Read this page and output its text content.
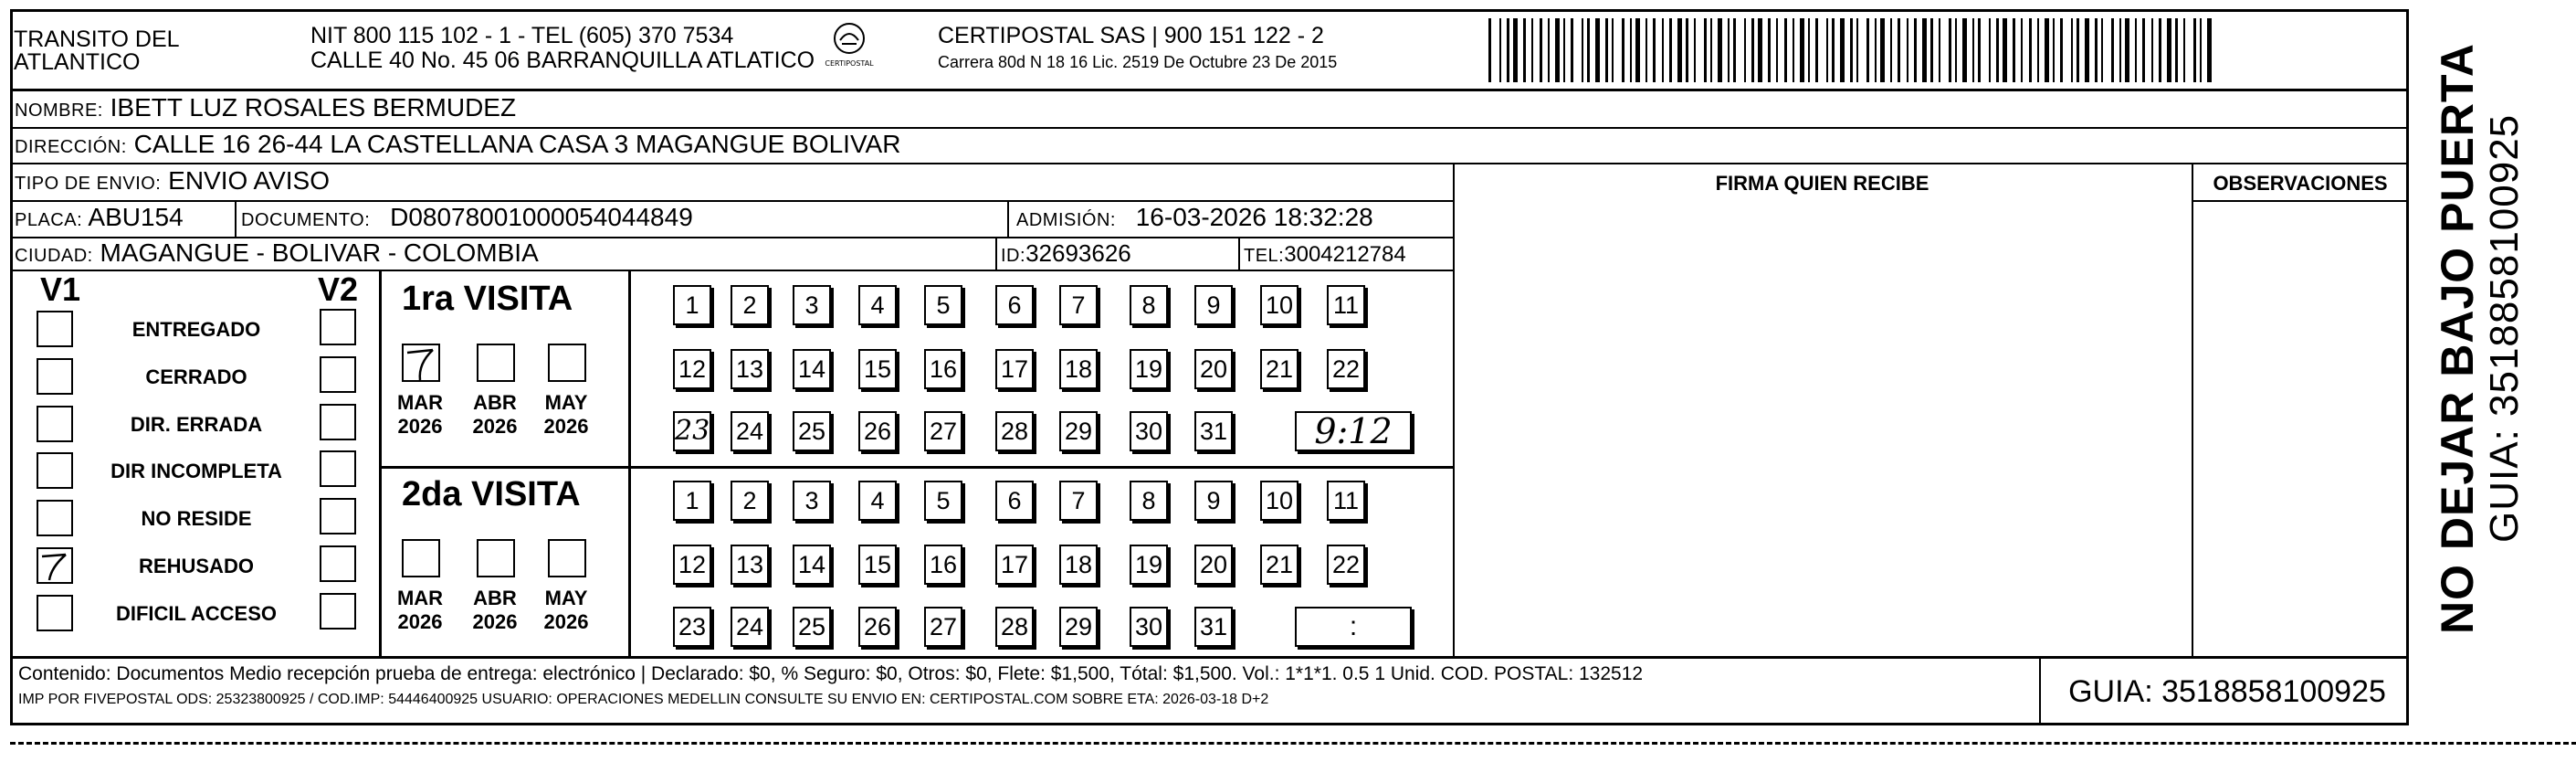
TRANSITO DEL
ATLANTICO
NIT 800 115 102 - 1 - TEL (605) 370 7534
CALLE 40 No. 45 06 BARRANQUILLA ATLATICO CERTIPOSTAL
CERTIPOSTAL SAS | 900 151 122 - 2
Carrera 80d N 18 16 Lic. 2519 De Octubre 23 De 2015
NOMBRE: IBETT LUZ ROSALES BERMUDEZ
DIRECCIÓN: CALLE 16 26-44 LA CASTELLANA CASA 3 MAGANGUE BOLIVAR
TIPO DE ENVIO: ENVIO AVISO
PLACA: ABU154	DOCUMENTO: D080780010000540448​49	ADMISIÓN: 16-03-2026 18:32:28
CIUDAD: MAGANGUE - BOLIVAR - COLOMBIA	ID:32693626	TEL:3004212784
FIRMA QUIEN RECIBE	OBSERVACIONES
V1	V2
ENTREGADO
CERRADO
DIR. ERRADA
DIR INCOMPLETA
NO RESIDE
REHUSADO
DIFICIL ACCESO
1ra VISITA
MAR
2026
ABR
2026
MAY
2026
1	2	3	4	5	6	7	8	9	10 11
12 13 14 15 16 17 18 19 20 21 22
23 24 25 26 27 28 29 30 31	9:12
2da VISITA
MAR
2026
ABR
2026
MAY
2026
1	2	3	4	5	6	7	8	9	10 11
12 13 14 15 16 17 18 19 20 21 22
23 24 25 26 27 28 29 30 31	:
Contenido: Documentos Medio recepción prueba de entrega: electrónico | Declarado: $0, % Seguro: $0, Otros: $0, Flete: $1,500, Tótal: $1,500. Vol.: 1*1*1. 0.5 1 Unid. COD. POSTAL: 132512
IMP POR FIVEPOSTAL ODS: 25323800925 / COD.IMP: 54446400925 USUARIO: OPERACIONES MEDELLIN CONSULTE SU ENVIO EN: CERTIPOSTAL.COM SOBRE ETA: 2026-03-18 D+2	GUIA: 3518858100925
NO DEJAR BAJO PUERTA GUIA: 3518858100925
